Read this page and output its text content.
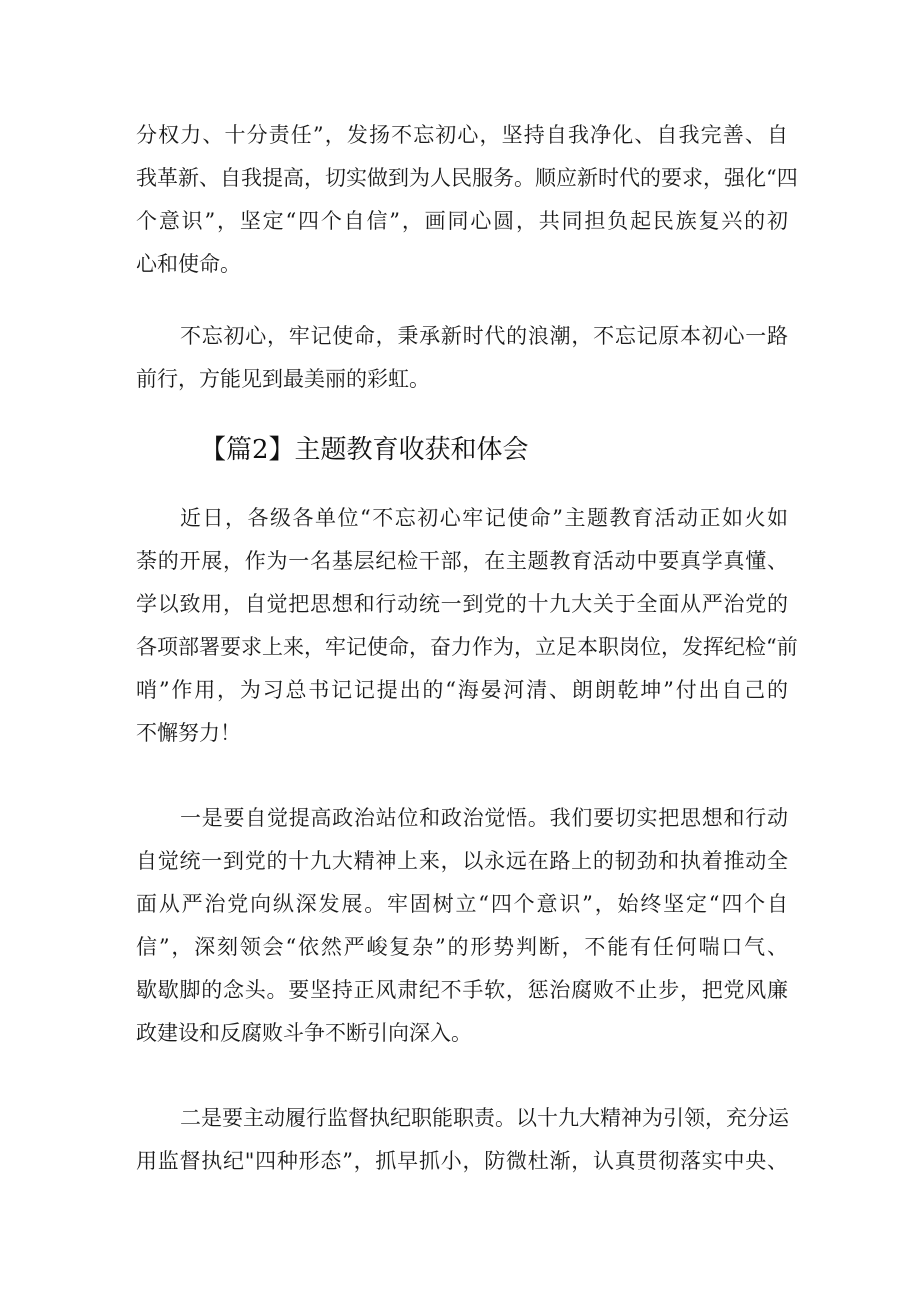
分权力、十分责任”，发扬不忘初心，坚持自我净化、自我完善、自
我革新、自我提高，切实做到为人民服务。顺应新时代的要求，强化“四
个意识”，坚定“四个自信”，画同心圆，共同担负起民族复兴的初
心和使命。
不忘初心，牢记使命，秉承新时代的浪潮，不忘记原本初心一路
前行，方能见到最美丽的彩虹。
【篇2】主题教育收获和体会
近日，各级各单位“不忘初心牢记使命”主题教育活动正如火如
荼的开展，作为一名基层纪检干部，在主题教育活动中要真学真懂、
学以致用，自觉把思想和行动统一到党的十九大关于全面从严治党的
各项部署要求上来，牢记使命，奋力作为，立足本职岗位，发挥纪检“前
哨”作用，为习总书记记提出的“海晏河清、朗朗乾坤”付出自己的
不懈努力！
一是要自觉提高政治站位和政治觉悟。我们要切实把思想和行动
自觉统一到党的十九大精神上来，以永远在路上的韧劲和执着推动全
面从严治党向纵深发展。牢固树立“四个意识”，始终坚定“四个自
信”，深刻领会“依然严峻复杂”的形势判断，不能有任何喘口气、
歇歇脚的念头。要坚持正风肃纪不手软，惩治腐败不止步，把党风廉
政建设和反腐败斗争不断引向深入。
二是要主动履行监督执纪职能职责。以十九大精神为引领，充分运
用监督执纪"四种形态”，抓早抓小，防微杜渐，认真贯彻落实中央、
